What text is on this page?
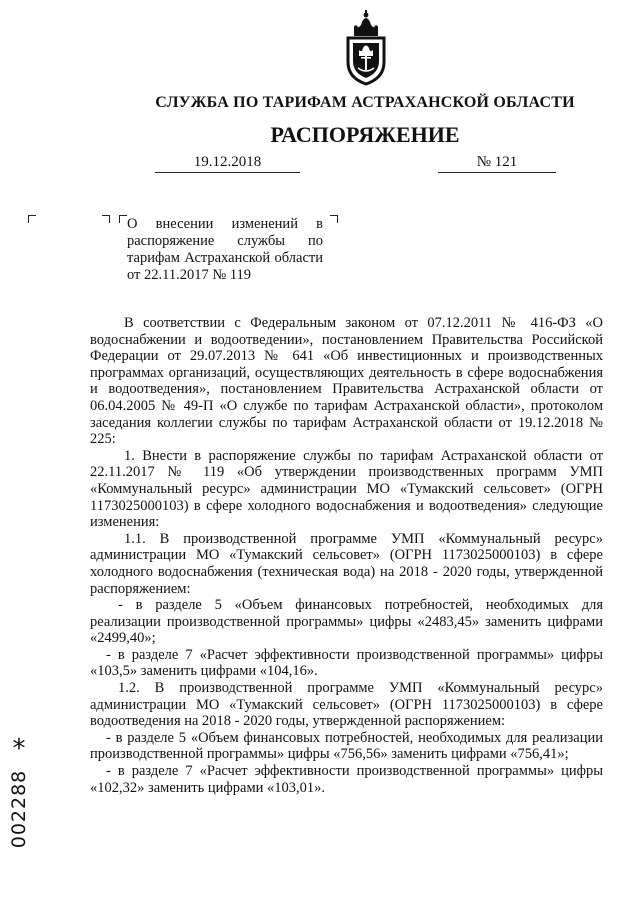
СЛУЖБА ПО ТАРИФАМ АСТРАХАНСКОЙ ОБЛАСТИ
РАСПОРЯЖЕНИЕ
19.12.2018	№ 121
О внесении изменений в распоряжение службы по тарифам Астраханской области от 22.11.2017 № 119

В соответствии с Федеральным законом от 07.12.2011 № 416-ФЗ «О водоснабжении и водоотведении», постановлением Правительства Российской Федерации от 29.07.2013 № 641 «Об инвестиционных и производственных программах организаций, осуществляющих деятельность в сфере водоснабжения и водоотведения», постановлением Правительства Астраханской области от 06.04.2005 № 49-П «О службе по тарифам Астраханской области», протоколом заседания коллегии службы по тарифам Астраханской области от 19.12.2018 № 225:

1. Внести в распоряжение службы по тарифам Астраханской области от 22.11.2017 № 119 «Об утверждении производственных программ УМП «Коммунальный ресурс» администрации МО «Тумакский сельсовет» (ОГРН 1173025000103) в сфере холодного водоснабжения и водоотведения» следующие изменения:

1.1. В производственной программе УМП «Коммунальный ресурс» администрации МО «Тумакский сельсовет» (ОГРН 1173025000103) в сфере холодного водоснабжения (техническая вода) на 2018 - 2020 годы, утвержденной распоряжением:

- в разделе 5 «Объем финансовых потребностей, необходимых для реализации производственной программы» цифры «2483,45» заменить цифрами «2499,40»;

- в разделе 7 «Расчет эффективности производственной программы» цифры «103,5» заменить цифрами «104,16».

1.2. В производственной программе УМП «Коммунальный ресурс» администрации МО «Тумакский сельсовет» (ОГРН 1173025000103) в сфере водоотведения на 2018 - 2020 годы, утвержденной распоряжением:

- в разделе 5 «Объем финансовых потребностей, необходимых для реализации производственной программы» цифры «756,56» заменить цифрами «756,41»;

- в разделе 7 «Расчет эффективности производственной программы» цифры «102,32» заменить цифрами «103,01».

*
002288
